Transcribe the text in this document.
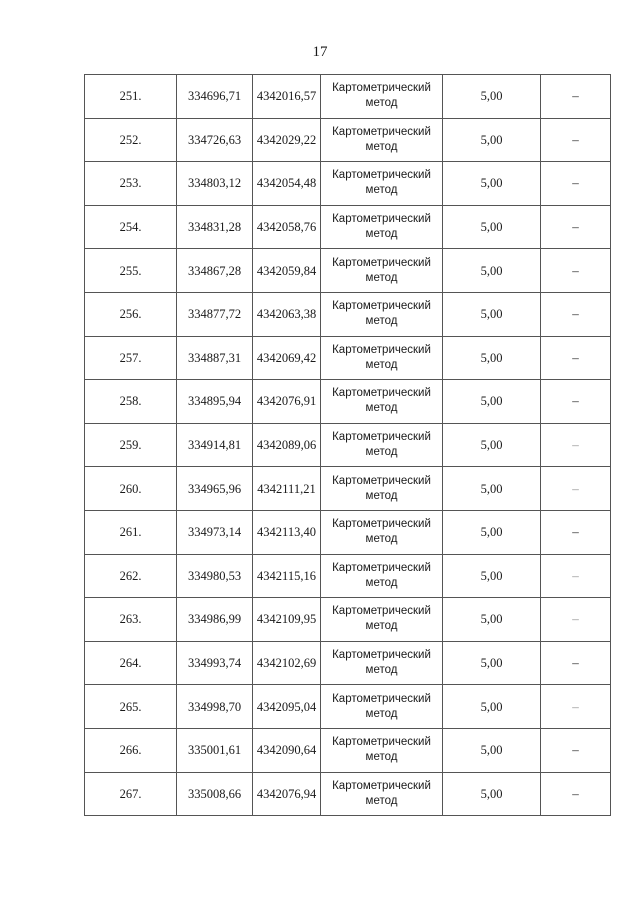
17
251.	334696,71	4342016,57	Картометрический метод	5,00	–
252.	334726,63	4342029,22	Картометрический метод	5,00	–
253.	334803,12	4342054,48	Картометрический метод	5,00	–
254.	334831,28	4342058,76	Картометрический метод	5,00	–
255.	334867,28	4342059,84	Картометрический метод	5,00	–
256.	334877,72	4342063,38	Картометрический метод	5,00	–
257.	334887,31	4342069,42	Картометрический метод	5,00	–
258.	334895,94	4342076,91	Картометрический метод	5,00	–
259.	334914,81	4342089,06	Картометрический метод	5,00	–
260.	334965,96	4342111,21	Картометрический метод	5,00	–
261.	334973,14	4342113,40	Картометрический метод	5,00	–
262.	334980,53	4342115,16	Картометрический метод	5,00	–
263.	334986,99	4342109,95	Картометрический метод	5,00	–
264.	334993,74	4342102,69	Картометрический метод	5,00	–
265.	334998,70	4342095,04	Картометрический метод	5,00	–
266.	335001,61	4342090,64	Картометрический метод	5,00	–
267.	335008,66	4342076,94	Картометрический метод	5,00	–
